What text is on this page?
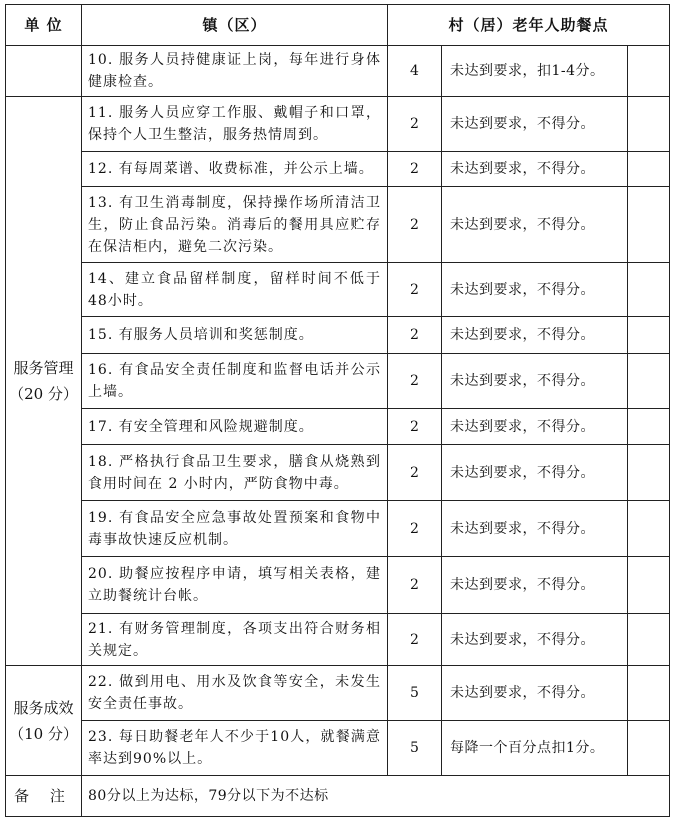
单 位	镇（区）	村（居）老年人助餐点		
	10. 服务人员持健康证上岗，每年进行身体健康检查。	4	未达到要求，扣1-4分。	

服务管理
（20 分）	11. 服务人员应穿工作服、戴帽子和口罩，保持个人卫生整洁，服务热情周到。	2	未达到要求，不得分。	
	12. 有每周菜谱、收费标准，并公示上墙。	2	未达到要求，不得分。	
	13. 有卫生消毒制度，保持操作场所清洁卫生，防止食品污染。消毒后的餐用具应贮存在保洁柜内，避免二次污染。	2	未达到要求，不得分。	
	14、建立食品留样制度，留样时间不低于48小时。	2	未达到要求，不得分。	
	15. 有服务人员培训和奖惩制度。	2	未达到要求，不得分。	
	16. 有食品安全责任制度和监督电话并公示上墙。	2	未达到要求，不得分。	
	17. 有安全管理和风险规避制度。	2	未达到要求，不得分。	
	18. 严格执行食品卫生要求，膳食从烧熟到食用时间在 2 小时内，严防食物中毒。	2	未达到要求，不得分。	
	19. 有食品安全应急事故处置预案和食物中毒事故快速反应机制。	2	未达到要求，不得分。	
	20. 助餐应按程序申请，填写相关表格，建立助餐统计台帐。	2	未达到要求，不得分。	
	21. 有财务管理制度，各项支出符合财务相关规定。	2	未达到要求，不得分。	

服务成效
（10 分）	22. 做到用电、用水及饮食等安全，未发生安全责任事故。	5	未达到要求，不得分。	
	23. 每日助餐老年人不少于10人，就餐满意率达到90%以上。	5	每降一个百分点扣1分。	
备 注	80分以上为达标，79分以下为不达标			
